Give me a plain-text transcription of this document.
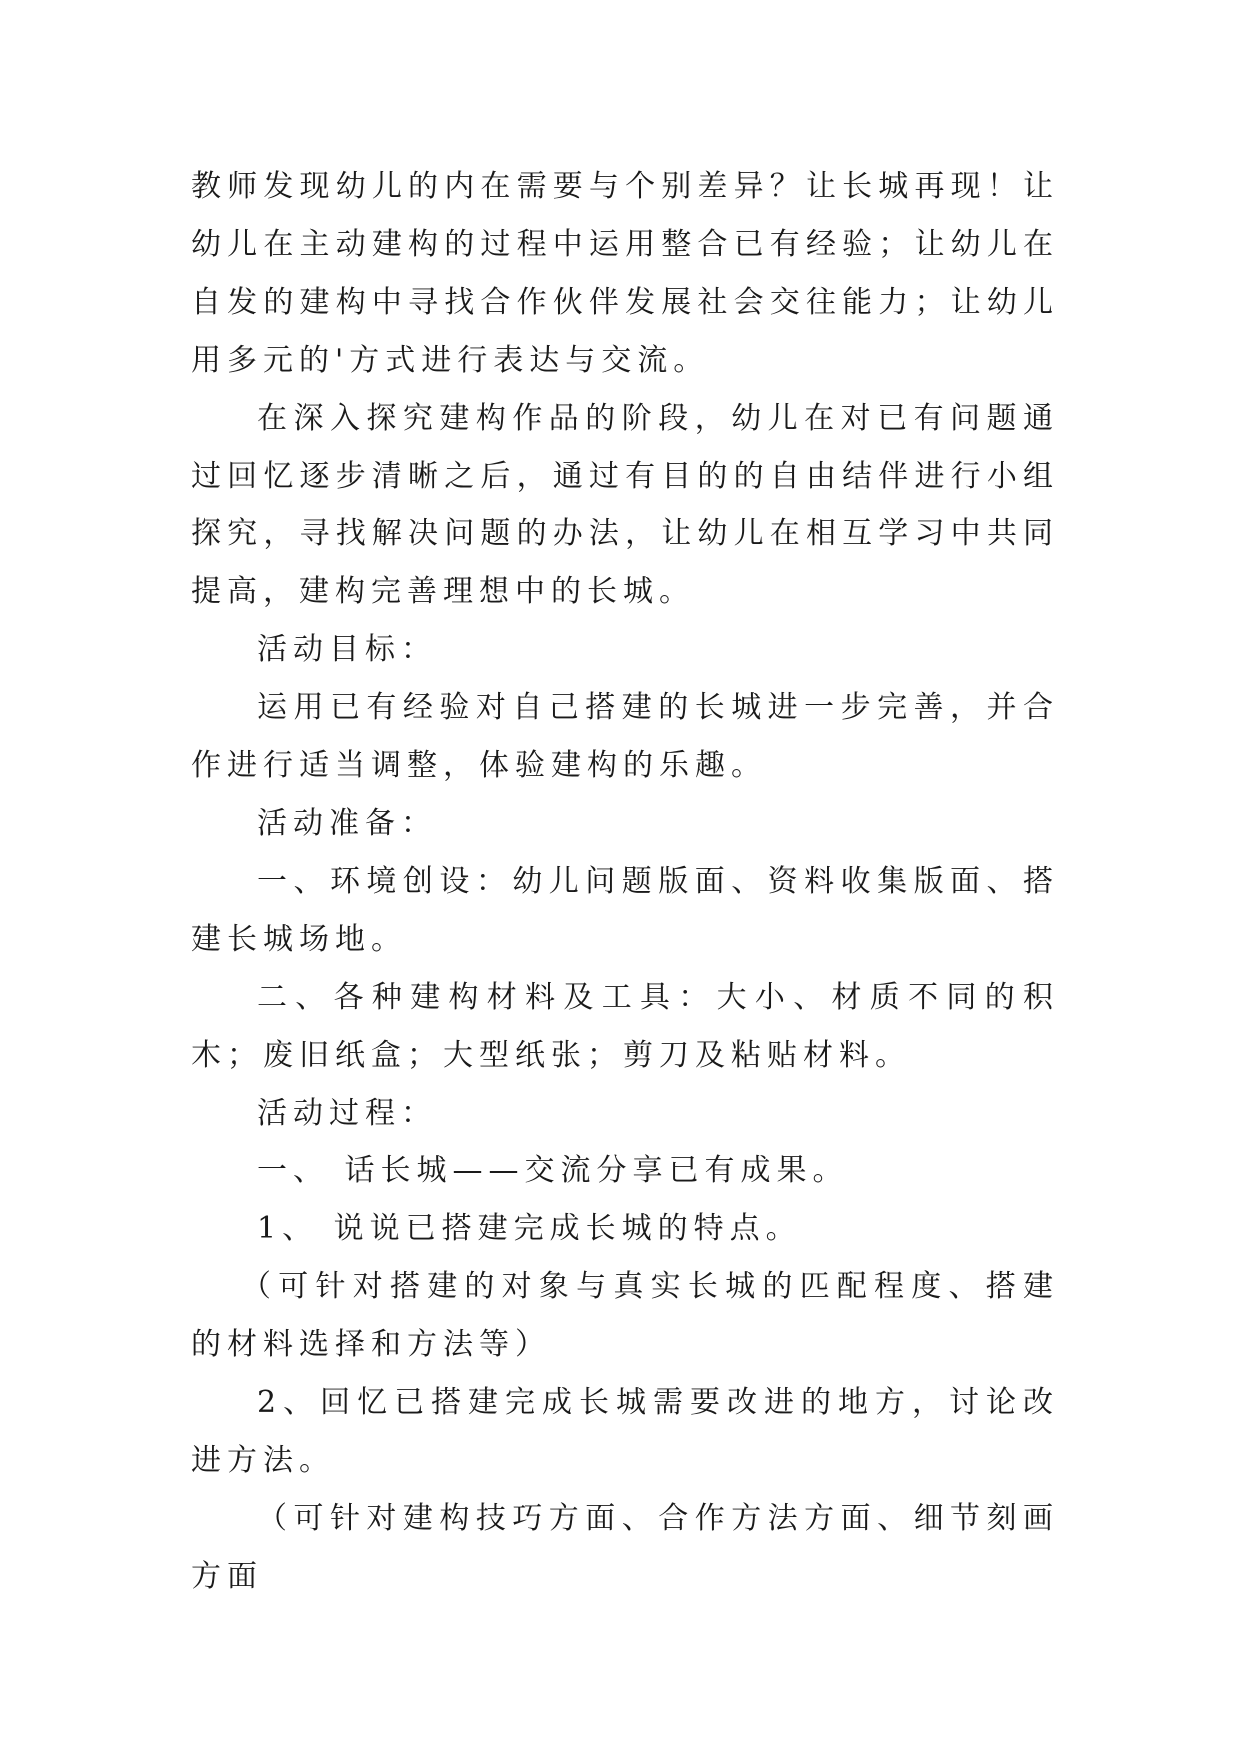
教师发现幼儿的内在需要与个别差异？让长城再现！让幼儿在主动建构的过程中运用整合已有经验；让幼儿在自发的建构中寻找合作伙伴发展社会交往能力；让幼儿用多元的'方式进行表达与交流。

在深入探究建构作品的阶段，幼儿在对已有问题通过回忆逐步清晰之后，通过有目的的自由结伴进行小组探究，寻找解决问题的办法，让幼儿在相互学习中共同提高，建构完善理想中的长城。

活动目标：

运用已有经验对自己搭建的长城进一步完善，并合作进行适当调整，体验建构的乐趣。

活动准备：

一、环境创设：幼儿问题版面、资料收集版面、搭建长城场地。

二、各种建构材料及工具：大小、材质不同的积木；废旧纸盒；大型纸张；剪刀及粘贴材料。

活动过程：

一、 话长城——交流分享已有成果。

1、 说说已搭建完成长城的特点。

（可针对搭建的对象与真实长城的匹配程度、搭建的材料选择和方法等）

2、回忆已搭建完成长城需要改进的地方，讨论改进方法。

（可针对建构技巧方面、合作方法方面、细节刻画方面
